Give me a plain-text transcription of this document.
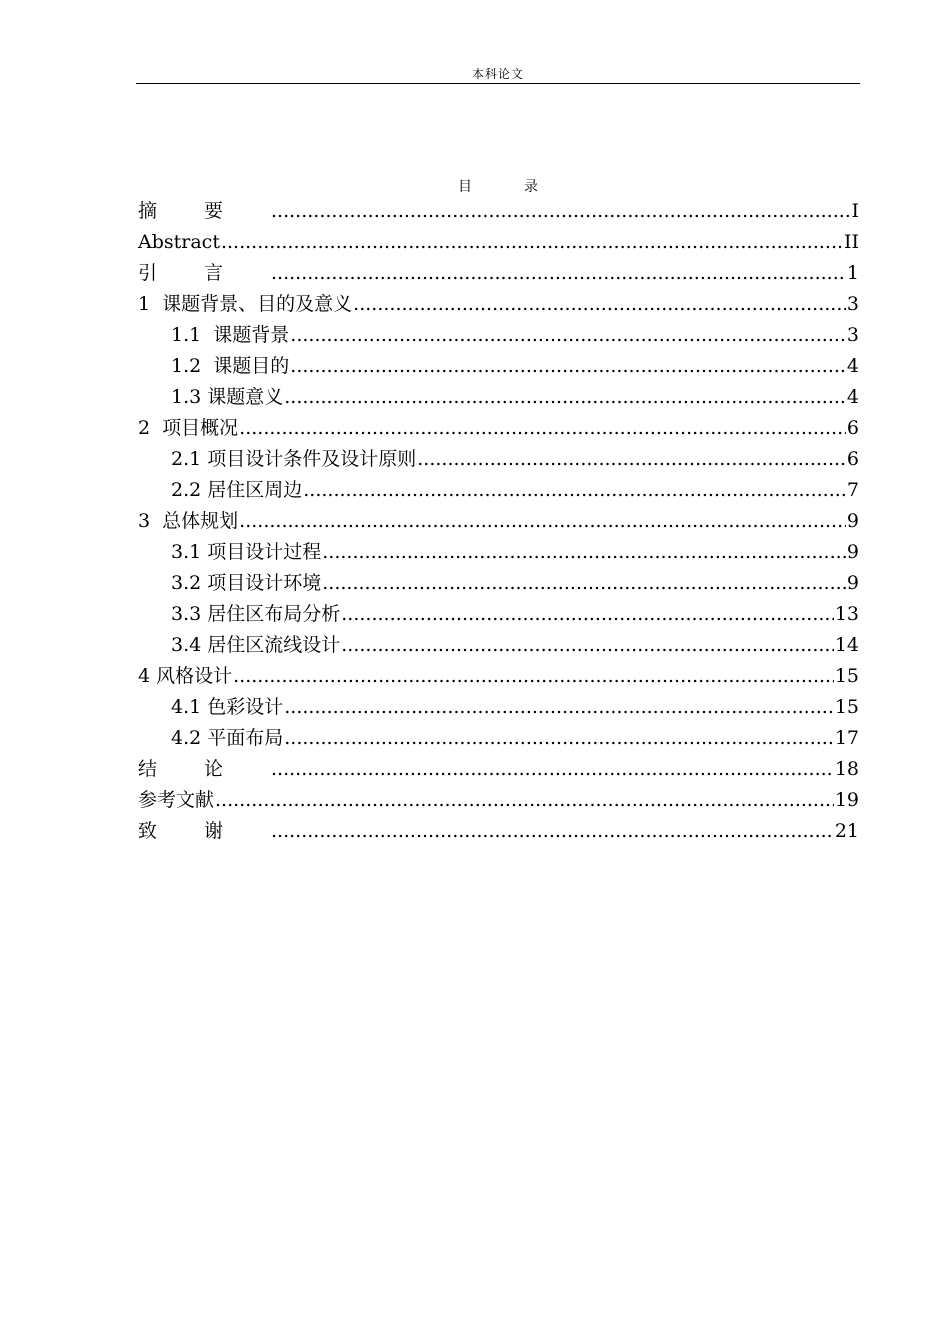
本科论文
目录
摘要 .....	I
Abstract .....	II
引言 .....	1
1  课题背景、目的及意义 .....	3
1.1  课题背景 .....	3
1.2  课题目的 .....	4
1.3 课题意义 .....	4
2  项目概况 .....	6
2.1 项目设计条件及设计原则 .....	6
2.2 居住区周边 .....	7
3  总体规划 .....	9
3.1 项目设计过程 .....	9
3.2 项目设计环境 .....	9
3.3 居住区布局分析 .....	13
3.4 居住区流线设计 .....	14
4 风格设计 .....	15
4.1 色彩设计 .....	15
4.2 平面布局 .....	17
结论 .....	18
参考文献 .....	19
致谢 .....	21
